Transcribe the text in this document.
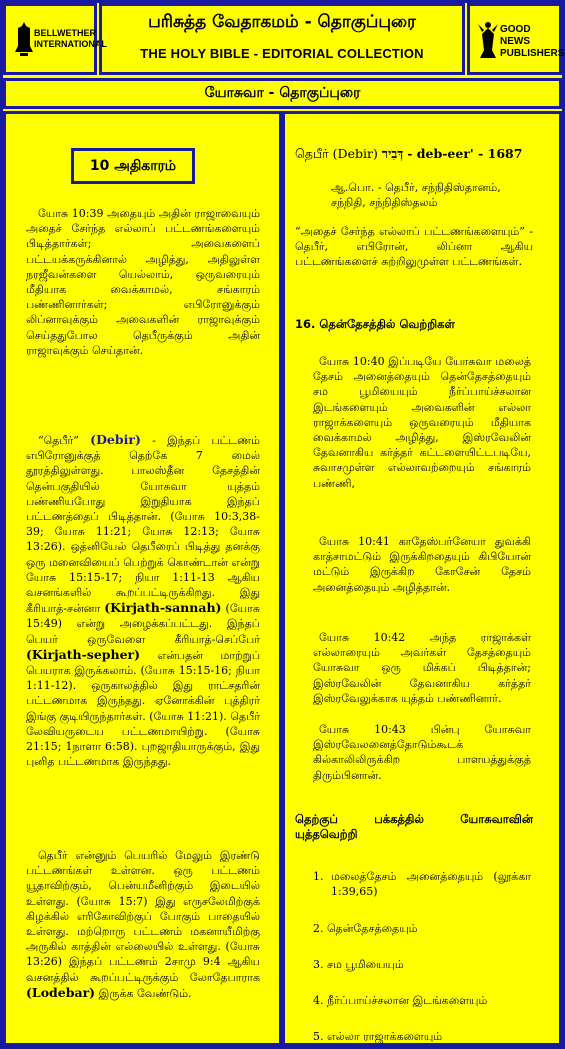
BELLWETHER INTERNATIONAL
பரிசுத்த வேதாகமம் - தொகுப்புரை
THE HOLY BIBLE - EDITORIAL COLLECTION
GOOD NEWS PUBLISHERS
யோசுவா - தொகுப்புரை
10 அதிகாரம்

யோசு 10:39 அதையும் அதின் ராஜாவையும் அதைச் சேர்ந்த எல்லாப் பட்டணங்களையும் பிடித்தார்கள்; அவைகளைப் பட்டயக்கருக்கினால் அழித்து, அதிலுள்ள நரஜீவன்களை யெல்லாம், ஒருவரையும் மீதியாக வைக்காமல், சங்காரம் பண்ணினார்கள்; எபிரோனுக்கும் லிப்னாவுக்கும் அவைகளின் ராஜாவுக்கும் செய்ததுபோல தெபீருக்கும் அதின் ராஜாவுக்கும் செய்தான்.

“தெபீர்” (Debir) - இந்தப் பட்டணம் எபிரோனுக்குத் தெற்கே 7 மைல் தூரத்திலுள்ளது. பாலஸ்தீன தேசத்தின் தென்பகுதியில் யோசுவா யுத்தம் பண்ணியபோது இறுதியாக இந்தப் பட்டணத்தைப் பிடித்தான். (யோசு 10:3,38-39; யோசு 11:21; யோசு 12:13; யோசு 13:26). ஒத்னியேல் தெபீரைப் பிடித்து தனக்கு ஒரு மனைவியைப் பெற்றுக் கொண்டான் என்று யோசு 15:15-17; நியா 1:11-13 ஆகிய வசனங்களில் கூறப்பட்டிருக்கிறது. இது கீரியாத்-சன்னா (Kirjath-sannah) (யோசு 15:49) என்று அழைக்கப்பட்டது. இந்தப் பெயர் ஒருவேளை கீரியாத்-செப்பேர் (Kirjath-sepher) என்பதன் மாற்றுப் பெயராக இருக்கலாம். (யோசு 15:15-16; நியா 1:11-12). ஒருகாலத்தில் இது ராட்சதரின் பட்டணமாக இருந்தது. ஏனோக்கின் புத்திரர் இங்கு குடியிருந்தார்கள். (யோசு 11:21). தெபீர் லேவியருடைய பட்டணமாயிற்று. (யோசு 21:15; 1நாளா 6:58). புறஜாதியாருக்கும், இது புனித பட்டணமாக இருந்தது.

தெபீர் என்னும் பெயரில் மேலும் இரண்டு பட்டணங்கள் உள்ளன. ஒரு பட்டணம் யூதாவிற்கும், பென்யமீனிற்கும் இடையில் உள்ளது. (யோசு 15:7) இது எருசலேமிற்குக் கிழக்கில் எரிகோவிற்குப் போகும் பாதையில் உள்ளது. மற்றொரு பட்டணம் மகனாயீமிற்கு அருகில் காத்தின் எல்லையில் உள்ளது. (யோசு 13:26) இந்தப் பட்டணம் 2சாமு 9:4 ஆகிய வசனத்தில் கூறப்பட்டிருக்கும் லோதேபாராக (Lodebar) இருக்க வேண்டும்.

தெபீர் (Debir) דְּבִיר - deb-eer' - 1687

ஆ.பொ. - தெபீர், சந்நிதிஸ்தானம், சந்நிதி, சந்நிதிஸ்தலம்

“அதைச் சேர்ந்த எல்லாப் பட்டணங்களையும்” - தெபீர், எபிரோன், லிப்னா ஆகிய பட்டணங்களைச் சுற்றிலுமுள்ள பட்டணங்கள்.

16. தென்தேசத்தில் வெற்றிகள்

யோசு 10:40 இப்படியே யோசுவா மலைத் தேசம் அனைத்தையும் தென்தேசத்தையும் சம பூமியையும் நீர்ப்பாய்ச்சலான இடங்களையும் அவைகளின் எல்லா ராஜாக்களையும் ஒருவரையும் மீதியாக வைக்காமல் அழித்து, இஸ்ரவேலின் தேவனாகிய கர்த்தர் கட்டளையிட்டபடியே, சுவாசமுள்ள எல்லாவற்றையும் சங்காரம் பண்ணி,

யோசு 10:41 காதேஸ்பர்னேயா துவக்கி காத்சாமட்டும் இருக்கிறதையும் கிபியோன் மட்டும் இருக்கிற கோசேன் தேசம் அனைத்தையும் அழித்தான்.

யோசு 10:42 அந்த ராஜாக்கள் எல்லாரையும் அவர்கள் தேசத்தையும் யோசுவா ஒரு மிக்கப் பிடித்தான்; இஸ்ரவேலின் தேவனாகிய கர்த்தர் இஸ்ரவேலுக்காக யுத்தம் பண்ணினார்.

யோசு 10:43 பின்பு யோசுவா இஸ்ரவேலனைத்தோடும்கூடக் கில்காலிலிருக்கிற பாளயத்துக்குத் திரும்பினான்.

தெற்குப் பக்கத்தில் யோசுவாவின் யுத்தவெற்றி

1. மலைத்தேசம் அனைத்தையும் (லூக்கா 1:39,65)
2. தென்தேசத்தையும்
3. சம பூமியையும்
4. நீர்ப்பாய்ச்சலான இடங்களையும்
5. எல்லா ராஜாக்களையும்
